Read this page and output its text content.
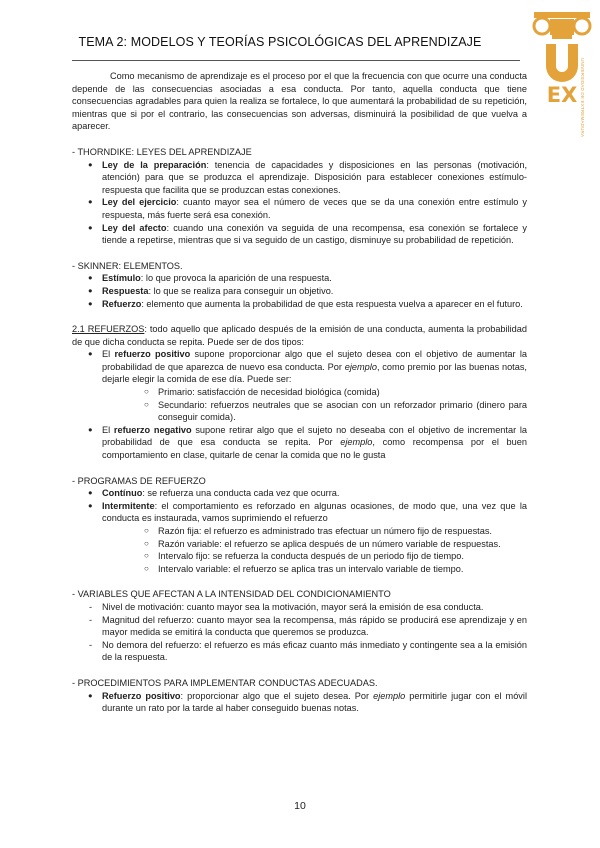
TEMA 2: MODELOS Y TEORÍAS PSICOLÓGICAS DEL APRENDIZAJE
EX UNIVERSIDAD DE EXTREMADURA

Como mecanismo de aprendizaje es el proceso por el que la frecuencia con que ocurre una conducta depende de las consecuencias asociadas a esa conducta. Por tanto, aquella conducta que tiene consecuencias agradables para quien la realiza se fortalece, lo que aumentará la probabilidad de su repetición, mientras que si por el contrario, las consecuencias son adversas, disminuirá la posibilidad de que vuelva a aparecer.

- THORNDIKE: LEYES DEL APRENDIZAJE

● Ley de la preparación: tenencia de capacidades y disposiciones en las personas (motivación, atención) para que se produzca el aprendizaje. Disposición para establecer conexiones estímulo-respuesta que facilita que se produzcan estas conexiones.
● Ley del ejercicio: cuanto mayor sea el número de veces que se da una conexión entre estímulo y respuesta, más fuerte será esa conexión.
● Ley del afecto: cuando una conexión va seguida de una recompensa, esa conexión se fortalece y tiende a repetirse, mientras que si va seguido de un castigo, disminuye su probabilidad de repetición.

- SKINNER: ELEMENTOS.

● Estímulo: lo que provoca la aparición de una respuesta.
● Respuesta: lo que se realiza para conseguir un objetivo.
● Refuerzo: elemento que aumenta la probabilidad de que esta respuesta vuelva a aparecer en el futuro.

2.1 REFUERZOS: todo aquello que aplicado después de la emisión de una conducta, aumenta la probabilidad de que dicha conducta se repita. Puede ser de dos tipos:

● El refuerzo positivo supone proporcionar algo que el sujeto desea con el objetivo de aumentar la probabilidad de que aparezca de nuevo esa conducta. Por ejemplo, como premio por las buenas notas, dejarle elegir la comida de ese día. Puede ser:
○ Primario: satisfacción de necesidad biológica (comida)
○ Secundario: refuerzos neutrales que se asocian con un reforzador primario (dinero para conseguir comida).
● El refuerzo negativo supone retirar algo que el sujeto no deseaba con el objetivo de incrementar la probabilidad de que esa conducta se repita. Por ejemplo, como recompensa por el buen comportamiento en clase, quitarle de cenar la comida que no le gusta

- PROGRAMAS DE REFUERZO

● Contínuo: se refuerza una conducta cada vez que ocurra.
● Intermitente: el comportamiento es reforzado en algunas ocasiones, de modo que, una vez que la conducta es instaurada, vamos suprimiendo el refuerzo
○ Razón fija: el refuerzo es administrado tras efectuar un número fijo de respuestas.
○ Razón variable: el refuerzo se aplica después de un número variable de respuestas.
○ Intervalo fijo: se refuerza la conducta después de un periodo fijo de tiempo.
○ Intervalo variable: el refuerzo se aplica tras un intervalo variable de tiempo.

- VARIABLES QUE AFECTAN A LA INTENSIDAD DEL CONDICIONAMIENTO

- Nivel de motivación: cuanto mayor sea la motivación, mayor será la emisión de esa conducta.
- Magnitud del refuerzo: cuanto mayor sea la recompensa, más rápido se producirá ese aprendizaje y en mayor medida se emitirá la conducta que queremos se produzca.
- No demora del refuerzo: el refuerzo es más eficaz cuanto más inmediato y contingente sea a la emisión de la respuesta.

- PROCEDIMIENTOS PARA IMPLEMENTAR CONDUCTAS ADECUADAS.

● Refuerzo positivo: proporcionar algo que el sujeto desea. Por ejemplo permitirle jugar con el móvil durante un rato por la tarde al haber conseguido buenas notas.
10
